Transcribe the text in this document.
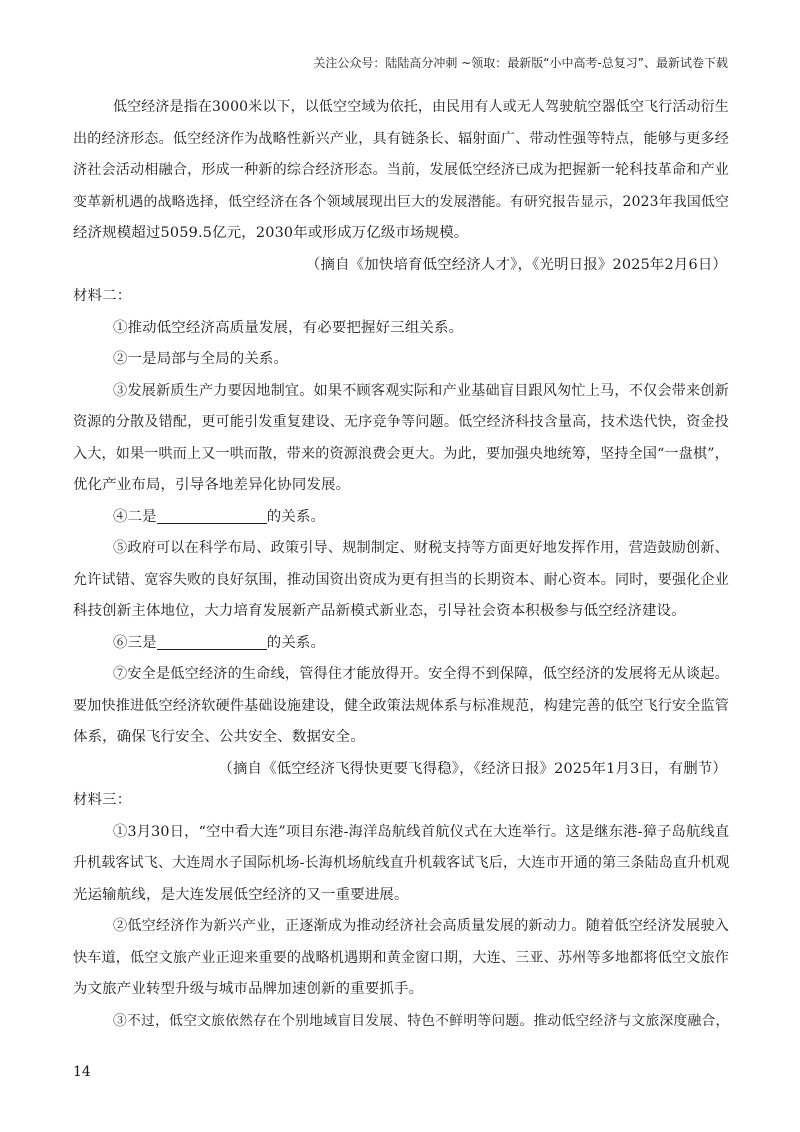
关注公众号：陆陆高分冲刺 ~领取：最新版“小中高考-总复习”、最新试卷下载
低空经济是指在3000米以下，以低空空域为依托，由民用有人或无人驾驶航空器低空飞行活动衍生
出的经济形态。低空经济作为战略性新兴产业，具有链条长、辐射面广、带动性强等特点，能够与更多经
济社会活动相融合，形成一种新的综合经济形态。当前，发展低空经济已成为把握新一轮科技革命和产业
变革新机遇的战略选择，低空经济在各个领域展现出巨大的发展潜能。有研究报告显示，2023年我国低空
经济规模超过5059.5亿元，2030年或形成万亿级市场规模。
（摘自《加快培育低空经济人才》，《光明日报》2025年2月6日）
材料二：
①推动低空经济高质量发展，有必要把握好三组关系。
②一是局部与全局的关系。
③发展新质生产力要因地制宜。如果不顾客观实际和产业基础盲目跟风匆忙上马，不仅会带来创新
资源的分散及错配，更可能引发重复建设、无序竞争等问题。低空经济科技含量高，技术迭代快，资金投
入大，如果一哄而上又一哄而散，带来的资源浪费会更大。为此，要加强央地统筹，坚持全国“一盘棋”，
优化产业布局，引导各地差异化协同发展。
④二是	的关系。
⑤政府可以在科学布局、政策引导、规制制定、财税支持等方面更好地发挥作用，营造鼓励创新、
允许试错、宽容失败的良好氛围，推动国资出资成为更有担当的长期资本、耐心资本。同时，要强化企业
科技创新主体地位，大力培育发展新产品新模式新业态，引导社会资本积极参与低空经济建设。
⑥三是	的关系。
⑦安全是低空经济的生命线，管得住才能放得开。安全得不到保障，低空经济的发展将无从谈起。
要加快推进低空经济软硬件基础设施建设，健全政策法规体系与标准规范，构建完善的低空飞行安全监管
体系，确保飞行安全、公共安全、数据安全。
（摘自《低空经济飞得快更要飞得稳》，《经济日报》2025年1月3日，有删节）
材料三：
①3月30日，“空中看大连”项目东港-海洋岛航线首航仪式在大连举行。这是继东港-獐子岛航线直
升机载客试飞、大连周水子国际机场-长海机场航线直升机载客试飞后，大连市开通的第三条陆岛直升机观
光运输航线，是大连发展低空经济的又一重要进展。
②低空经济作为新兴产业，正逐渐成为推动经济社会高质量发展的新动力。随着低空经济发展驶入
快车道，低空文旅产业正迎来重要的战略机遇期和黄金窗口期，大连、三亚、苏州等多地都将低空文旅作
为文旅产业转型升级与城市品牌加速创新的重要抓手。
③不过，低空文旅依然存在个别地域盲目发展、特色不鲜明等问题。推动低空经济与文旅深度融合，
14
